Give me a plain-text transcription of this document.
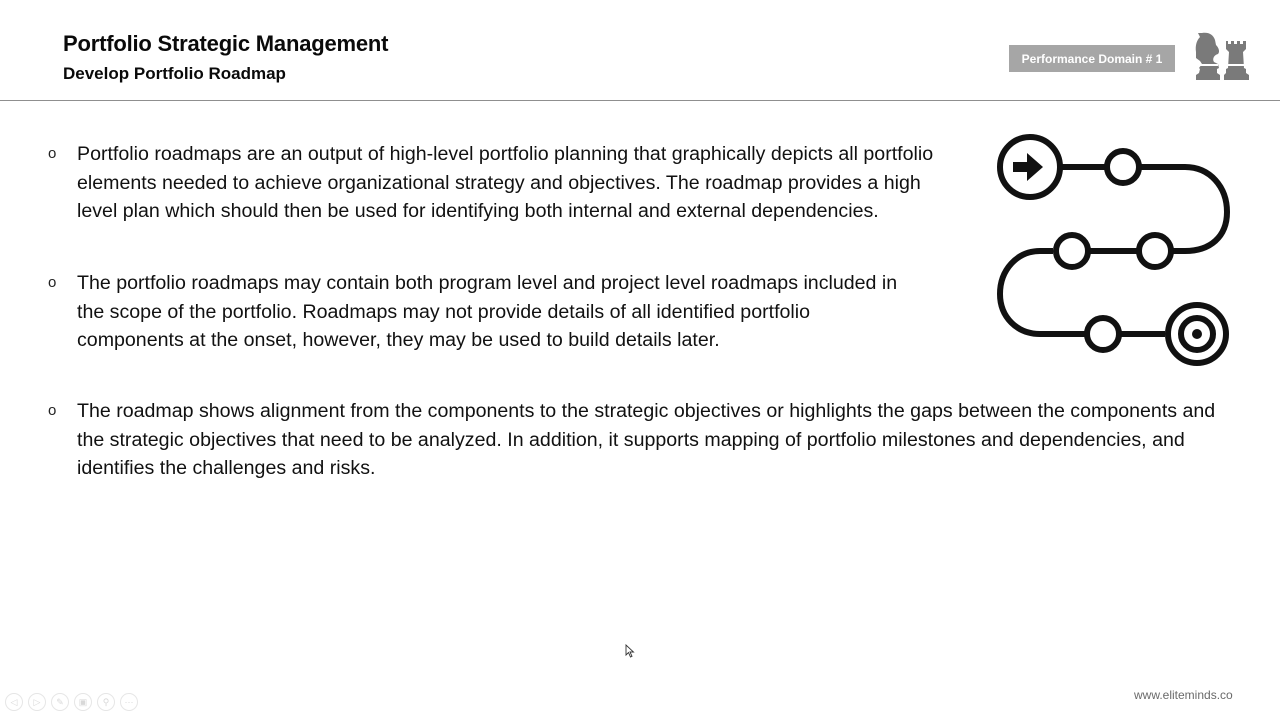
Portfolio Strategic Management
Develop Portfolio Roadmap
Performance Domain # 1
o	Portfolio roadmaps are an output of high-level portfolio planning that graphically depicts all portfolio elements needed to achieve organizational strategy and objectives. The roadmap provides a high level plan which should then be used for identifying both internal and external dependencies.
o	The portfolio roadmaps may contain both program level and project level roadmaps included in the scope of the portfolio. Roadmaps may not provide details of all identified portfolio components at the onset, however, they may be used to build details later.
o	The roadmap shows alignment from the components to the strategic objectives or highlights the gaps between the components and the strategic objectives that need to be analyzed. In addition, it supports mapping of portfolio milestones and dependencies, and identifies the challenges and risks.
◁ ▷ ✎ ▣ ⚲ ···	www.eliteminds.co
